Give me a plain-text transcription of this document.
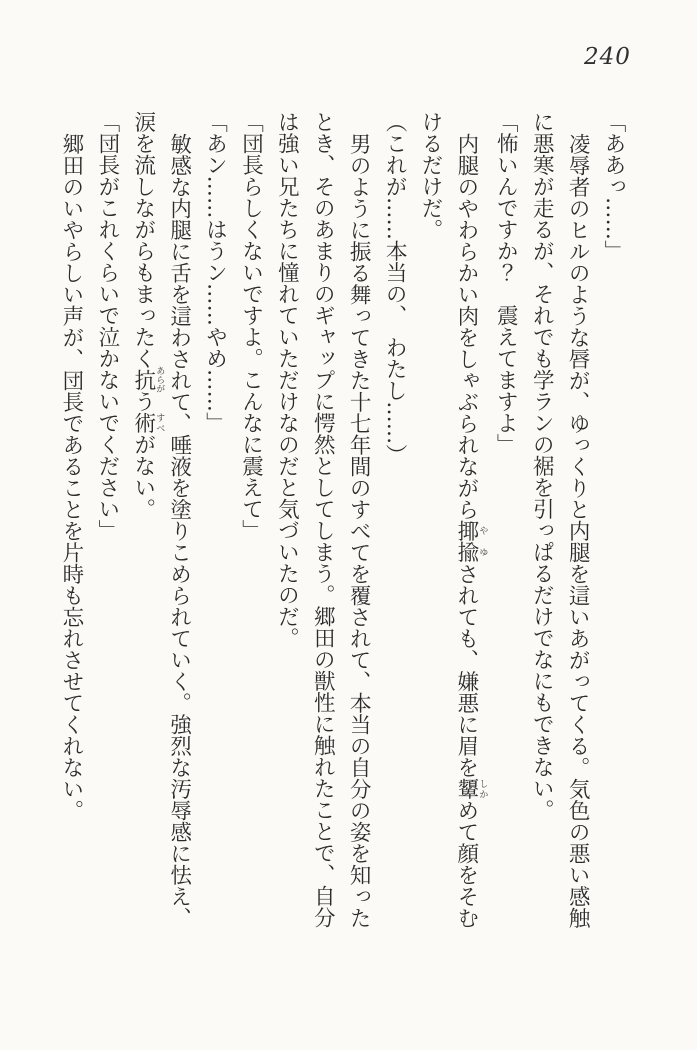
240

「ああっ……」

凌辱者のヒルのような唇が、ゆっくりと内腿を這いあがってくる。気色の悪い感触に悪寒が走るが、それでも学ランの裾を引っぱるだけでなにもできない。

「怖いんですか？　震えてますよ」

内腿のやわらかい肉をしゃぶられながら揶や揄ゆされても、嫌悪に眉を顰しかめて顔をそむけるだけだ。

（これが……本当の、　わたし……）

男のように振る舞ってきた十七年間のすべてを覆されて、本当の自分の姿を知ったとき、そのあまりのギャップに愕然としてしまう。郷田の獣性に触れたことで、自分は強い兄たちに憧れていただけなのだと気づいたのだ。

「団長らしくないですよ。こんなに震えて」

「あン……はうン……やめ……」

敏感な内腿に舌を這わされて、唾液を塗りこめられていく。強烈な汚辱感に怯え、涙を流しながらもまったく抗あらがう術すべがない。

「団長がこれくらいで泣かないでください」

郷田のいやらしい声が、団長であることを片時も忘れさせてくれない。
